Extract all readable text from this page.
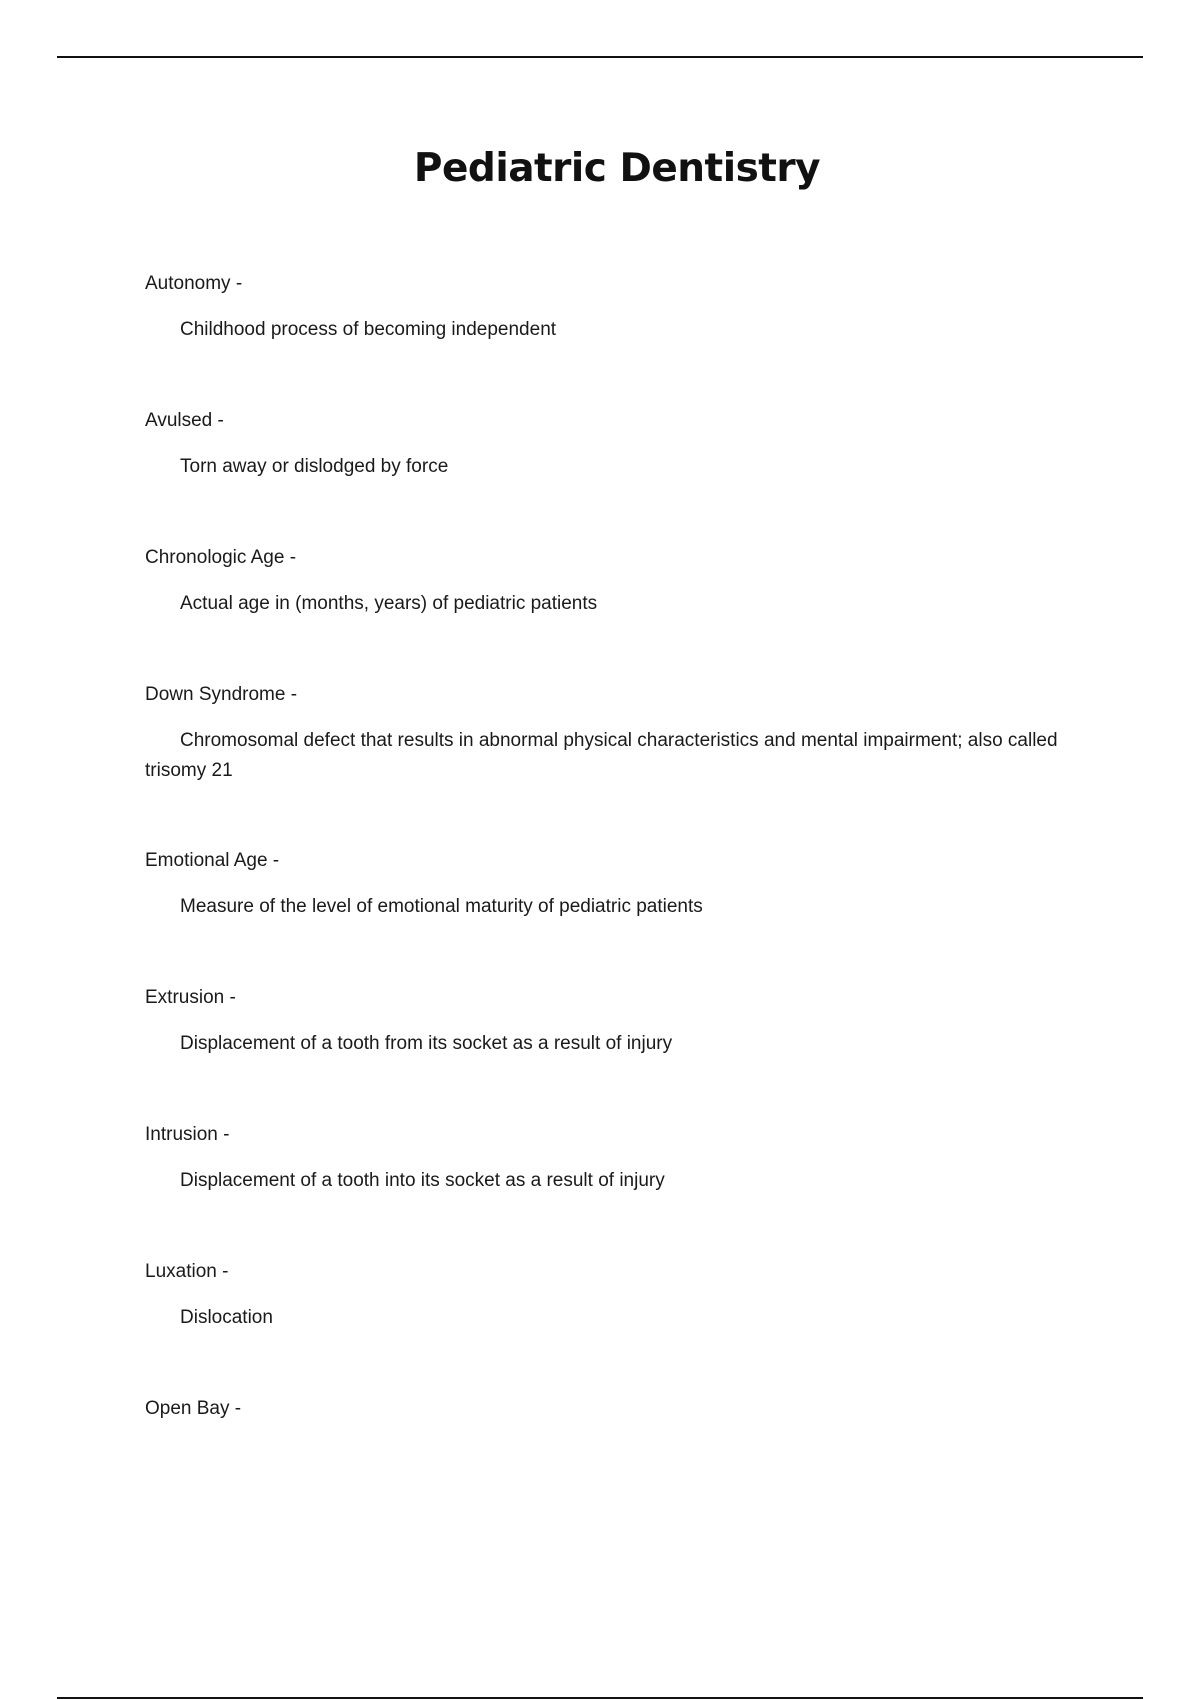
Pediatric Dentistry

Autonomy -

Childhood process of becoming independent

Avulsed -

Torn away or dislodged by force

Chronologic Age -

Actual age in (months, years) of pediatric patients

Down Syndrome -

Chromosomal defect that results in abnormal physical characteristics and mental impairment; also called trisomy 21

Emotional Age -

Measure of the level of emotional maturity of pediatric patients

Extrusion -

Displacement of a tooth from its socket as a result of injury

Intrusion -

Displacement of a tooth into its socket as a result of injury

Luxation -

Dislocation

Open Bay -
